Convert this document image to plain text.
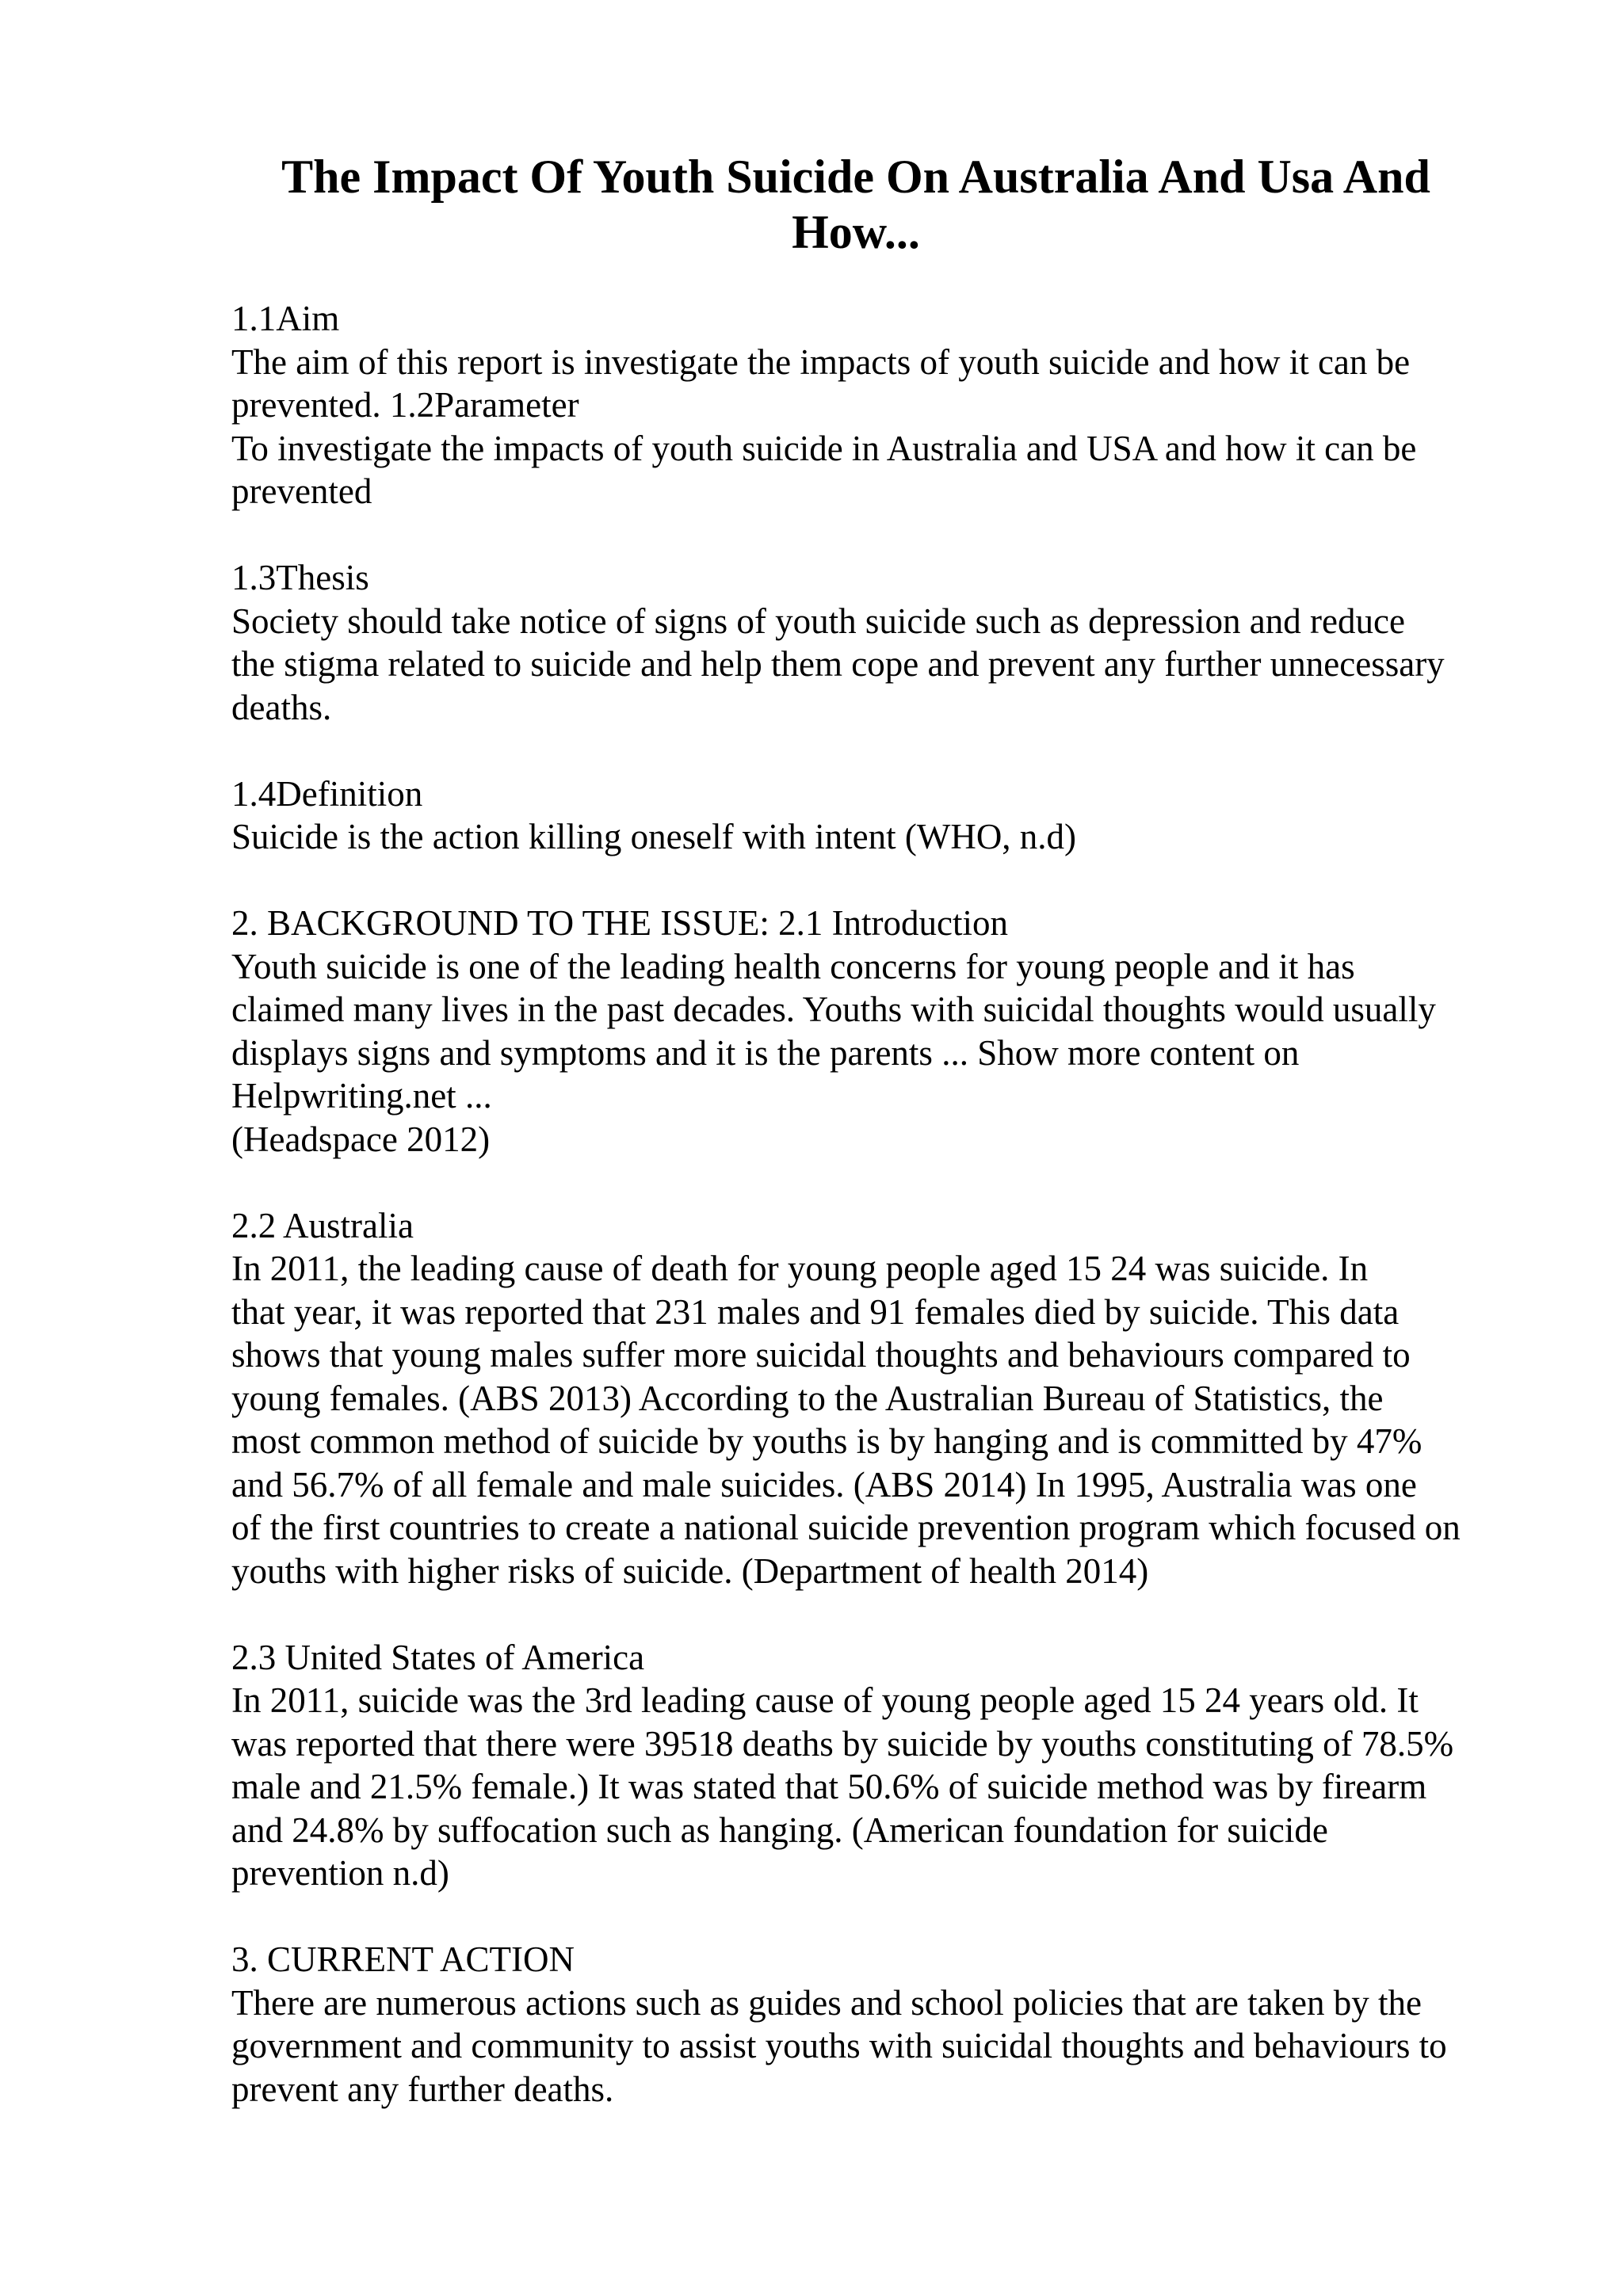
The Impact Of Youth Suicide On Australia And Usa And
How...
1.1Aim
The aim of this report is investigate the impacts of youth suicide and how it can be
prevented. 1.2Parameter
To investigate the impacts of youth suicide in Australia and USA and how it can be
prevented
1.3Thesis
Society should take notice of signs of youth suicide such as depression and reduce
the stigma related to suicide and help them cope and prevent any further unnecessary
deaths.
1.4Definition
Suicide is the action killing oneself with intent (WHO, n.d)
2. BACKGROUND TO THE ISSUE: 2.1 Introduction
Youth suicide is one of the leading health concerns for young people and it has
claimed many lives in the past decades. Youths with suicidal thoughts would usually
displays signs and symptoms and it is the parents ... Show more content on
Helpwriting.net ...
(Headspace 2012)
2.2 Australia
In 2011, the leading cause of death for young people aged 15 24 was suicide. In
that year, it was reported that 231 males and 91 females died by suicide. This data
shows that young males suffer more suicidal thoughts and behaviours compared to
young females. (ABS 2013) According to the Australian Bureau of Statistics, the
most common method of suicide by youths is by hanging and is committed by 47%
and 56.7% of all female and male suicides. (ABS 2014) In 1995, Australia was one
of the first countries to create a national suicide prevention program which focused on
youths with higher risks of suicide. (Department of health 2014)
2.3 United States of America
In 2011, suicide was the 3rd leading cause of young people aged 15 24 years old. It
was reported that there were 39518 deaths by suicide by youths constituting of 78.5%
male and 21.5% female.) It was stated that 50.6% of suicide method was by firearm
and 24.8% by suffocation such as hanging. (American foundation for suicide
prevention n.d)
3. CURRENT ACTION
There are numerous actions such as guides and school policies that are taken by the
government and community to assist youths with suicidal thoughts and behaviours to
prevent any further deaths.
